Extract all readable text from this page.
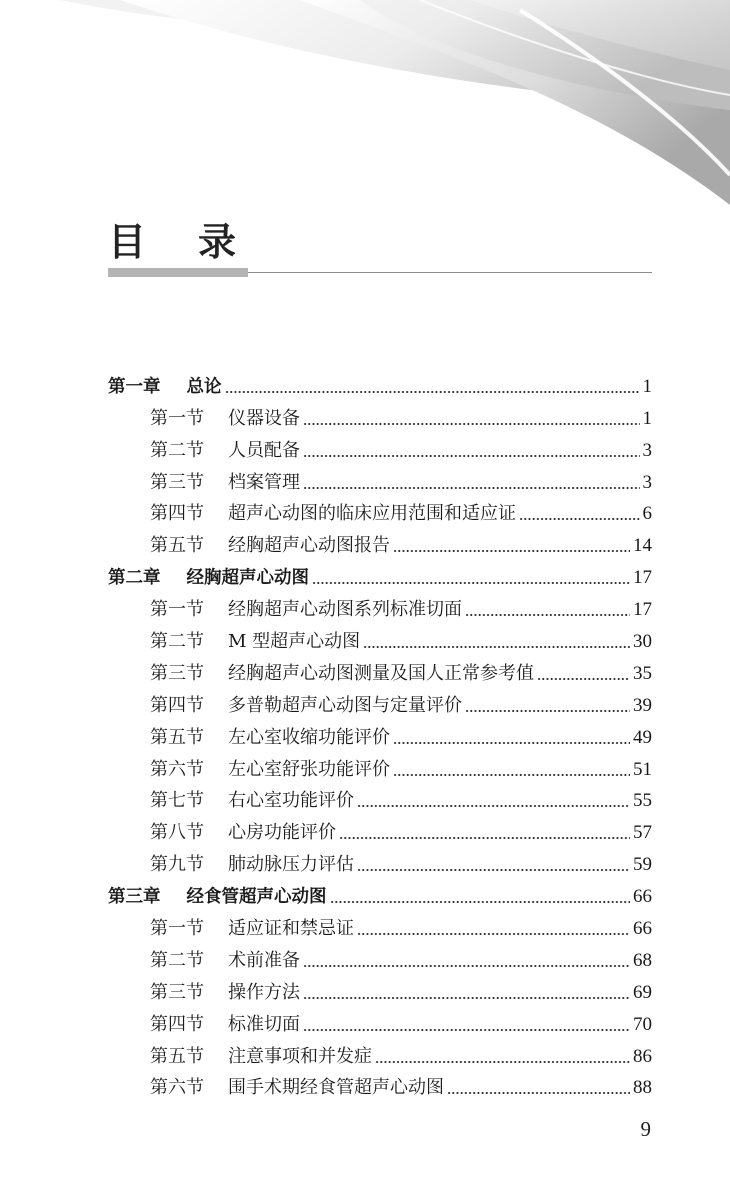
目录
第一章 总论	1
第一节 仪器设备	1
第二节 人员配备	3
第三节 档案管理	3
第四节 超声心动图的临床应用范围和适应证	6
第五节 经胸超声心动图报告	14
第二章 经胸超声心动图	17
第一节 经胸超声心动图系列标准切面	17
第二节 M 型超声心动图	30
第三节 经胸超声心动图测量及国人正常参考值	35
第四节 多普勒超声心动图与定量评价	39
第五节 左心室收缩功能评价	49
第六节 左心室舒张功能评价	51
第七节 右心室功能评价	55
第八节 心房功能评价	57
第九节 肺动脉压力评估	59
第三章 经食管超声心动图	66
第一节 适应证和禁忌证	66
第二节 术前准备	68
第三节 操作方法	69
第四节 标准切面	70
第五节 注意事项和并发症	86
第六节 围手术期经食管超声心动图	88
9
